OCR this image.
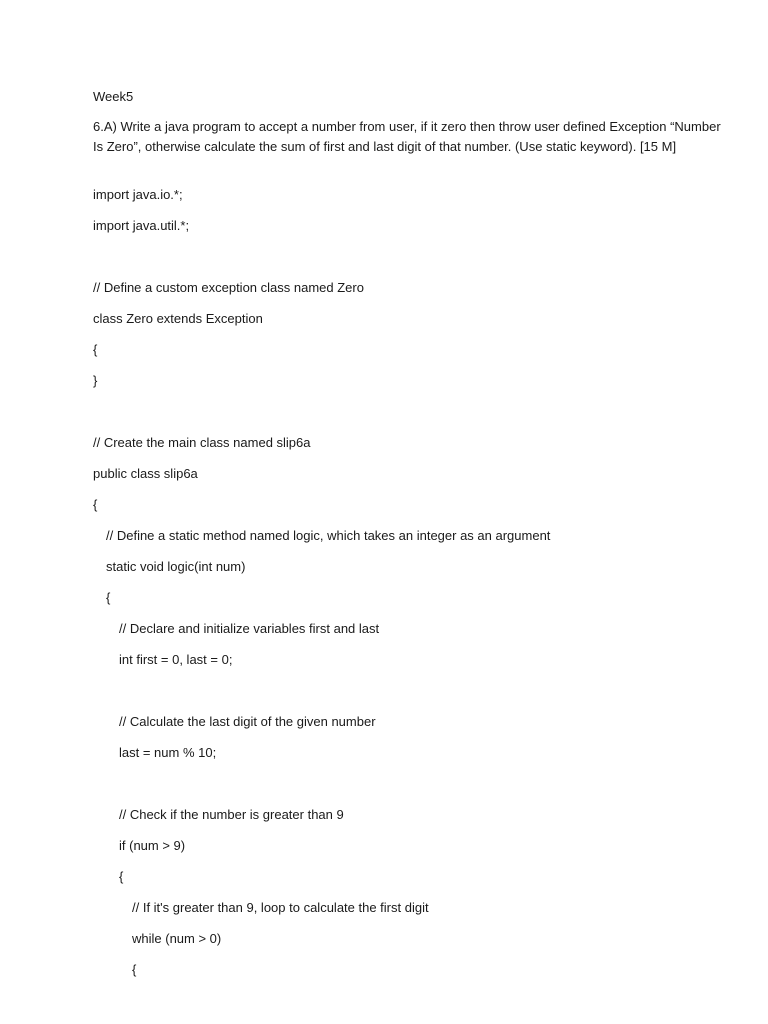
Week5
6.A) Write a java program to accept a number from user, if it zero then throw user defined Exception “Number Is Zero”, otherwise calculate the sum of first and last digit of that number. (Use static keyword). [15 M]
import java.io.*;
import java.util.*;
// Define a custom exception class named Zero
class Zero extends Exception
{
}
// Create the main class named slip6a
public class slip6a
{
// Define a static method named logic, which takes an integer as an argument
static void logic(int num)
{
// Declare and initialize variables first and last
int first = 0, last = 0;
// Calculate the last digit of the given number
last = num % 10;
// Check if the number is greater than 9
if (num > 9)
{
// If it's greater than 9, loop to calculate the first digit
while (num > 0)
{
